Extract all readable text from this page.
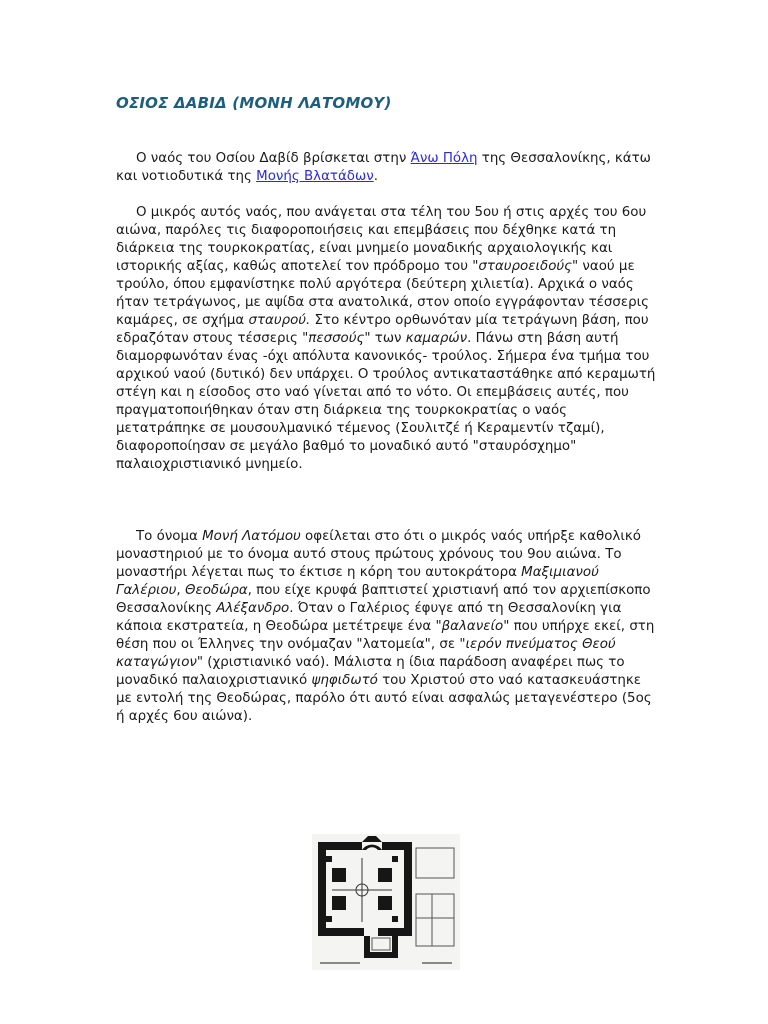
ΟΣΙΟΣ ΔΑΒΙΔ (ΜΟΝΗ ΛΑΤΟΜΟΥ)

Ο ναός του Οσίου Δαβίδ βρίσκεται στην Άνω Πόλη της Θεσσαλονίκης, κάτω και νοτιοδυτικά της Μονής Βλατάδων.

Ο μικρός αυτός ναός, που ανάγεται στα τέλη του 5ου ή στις αρχές του 6ου αιώνα, παρόλες τις διαφοροποιήσεις και επεμβάσεις που δέχθηκε κατά τη διάρκεια της τουρκοκρατίας, είναι μνημείο μοναδικής αρχαιολογικής και ιστορικής αξίας, καθώς αποτελεί τον πρόδρομο του "σταυροειδούς" ναού με τρούλο, όπου εμφανίστηκε πολύ αργότερα (δεύτερη χιλιετία). Αρχικά ο ναός ήταν τετράγωνος, με αψίδα στα ανατολικά, στον οποίο εγγράφονταν τέσσερις καμάρες, σε σχήμα σταυρού. Στο κέντρο ορθωνόταν μία τετράγωνη βάση, που εδραζόταν στους τέσσερις "πεσσούς" των καμαρών. Πάνω στη βάση αυτή διαμορφωνόταν ένας -όχι απόλυτα κανονικός- τρούλος. Σήμερα ένα τμήμα του αρχικού ναού (δυτικό) δεν υπάρχει. Ο τρούλος αντικαταστάθηκε από κεραμωτή στέγη και η είσοδος στο ναό γίνεται από το νότο. Οι επεμβάσεις αυτές, που πραγματοποιήθηκαν όταν στη διάρκεια της τουρκοκρατίας ο ναός μετατράπηκε σε μουσουλμανικό τέμενος (Σουλιτζέ ή Κεραμεντίν τζαμί), διαφοροποίησαν σε μεγάλο βαθμό το μοναδικό αυτό "σταυρόσχημο" παλαιοχριστιανικό μνημείο.

Το όνομα Μονή Λατόμου οφείλεται στο ότι ο μικρός ναός υπήρξε καθολικό μοναστηριού με το όνομα αυτό στους πρώτους χρόνους του 9ου αιώνα. Το μοναστήρι λέγεται πως το έκτισε η κόρη του αυτοκράτορα Μαξιμιανού Γαλέριου, Θεοδώρα, που είχε κρυφά βαπτιστεί χριστιανή από τον αρχιεπίσκοπο Θεσσαλονίκης Αλέξανδρο. Όταν ο Γαλέριος έφυγε από τη Θεσσαλονίκη για κάποια εκστρατεία, η Θεοδώρα μετέτρεψε ένα "βαλανείο" που υπήρχε εκεί, στη θέση που οι Έλληνες την ονόμαζαν "λατομεία", σε "ιερόν πνεύματος Θεού καταγώγιον" (χριστιανικό ναό). Μάλιστα η ίδια παράδοση αναφέρει πως το μοναδικό παλαιοχριστιανικό ψηφιδωτό του Χριστού στο ναό κατασκευάστηκε με εντολή της Θεοδώρας, παρόλο ότι αυτό είναι ασφαλώς μεταγενέστερο (5ος ή αρχές 6ου αιώνα).
